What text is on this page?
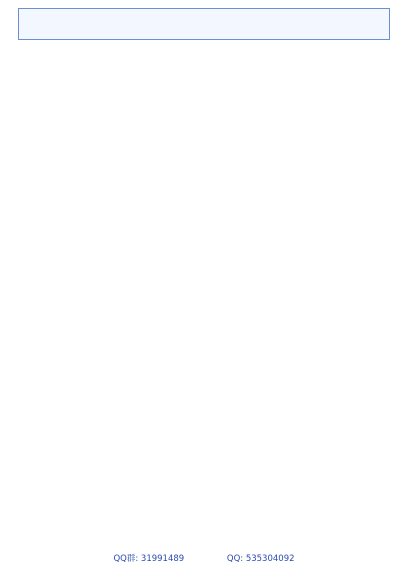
QQ群: 31991489	QQ: 535304092
